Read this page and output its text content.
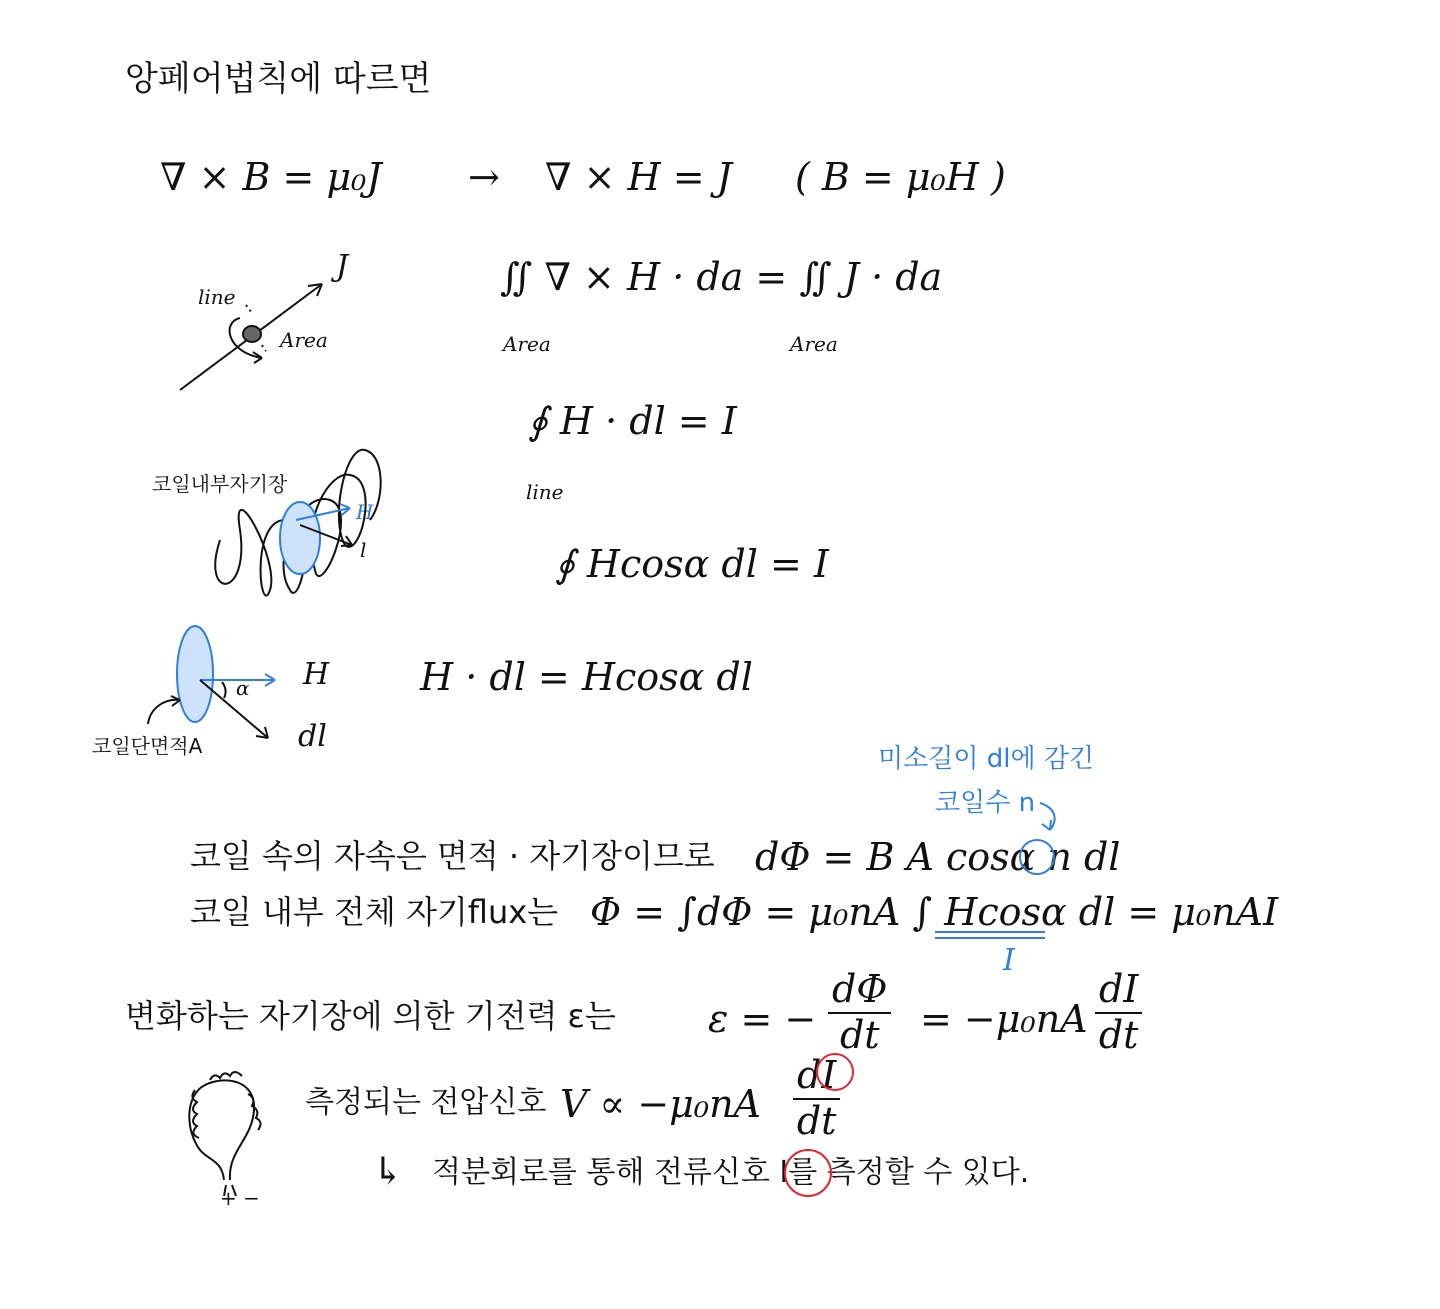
앙페어법칙에 따르면
∇ × B = μ₀J → ∇ × H = J ( B = μ₀H )
line
Area
J	∬ ∇ × H · da = ∬ J · da
Area	Area
∮ H · dl = I
line
코일내부자기장
H
l	∮ Hcosα dl = I
H
α
dl
코일단면적A
H · dl = Hcosα dl
미소길이 dl에 감긴
코일수 n
코일 속의 자속은 면적 · 자기장이므로 dΦ = B A cosα n dl
코일 내부 전체 자기flux는 Φ = ∫dΦ = μ₀nA ∫ Hcosα dl = μ₀nAI
I
변화하는 자기장에 의한 기전력 ε는 ε = − $\frac{d\Phi}{dt} = -\mu_0nA \frac{dI}{dt}$
측정되는 전압신호 $V \propto -\mu_0nA \frac{dI}{dt}$
+ −
↳ 적분회로를 통해 전류신호 I를 측정할 수 있다.
